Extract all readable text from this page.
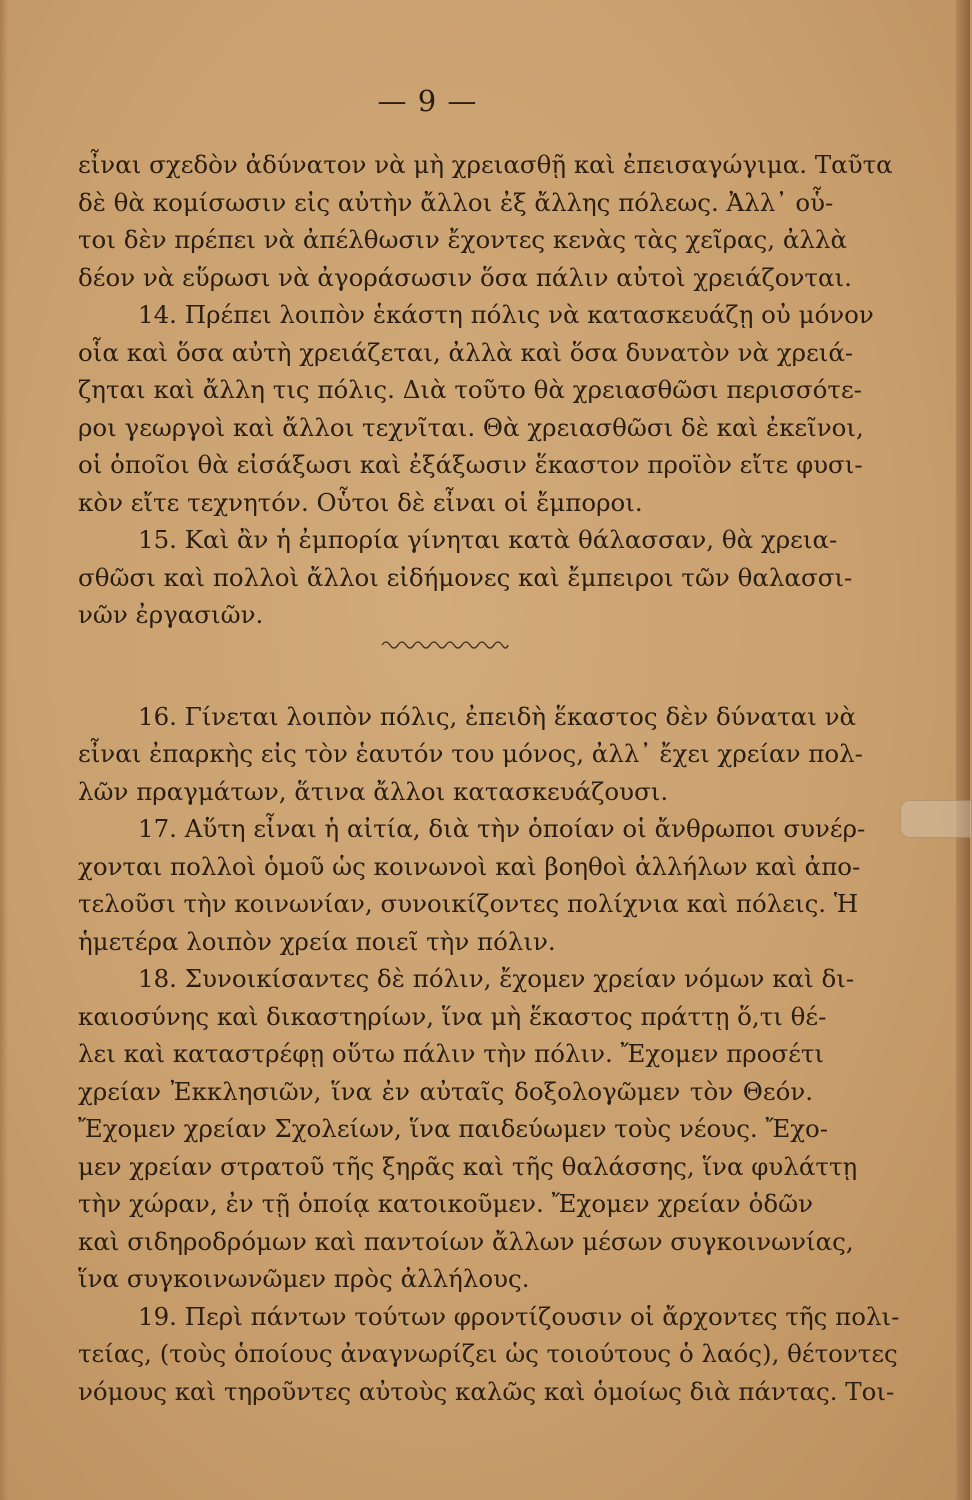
— 9 —
εἶναι σχεδὸν ἀδύνατον νὰ μὴ χρειασθῇ καὶ ἐπεισαγώγιμα. Ταῦτα
δὲ θὰ κομίσωσιν εἰς αὐτὴν ἄλλοι ἐξ ἄλλης πόλεως. Ἀλλ᾽ οὗ-
τοι δὲν πρέπει νὰ ἀπέλθωσιν ἔχοντες κενὰς τὰς χεῖρας, ἀλλὰ
δέον νὰ εὕρωσι νὰ ἀγοράσωσιν ὅσα πάλιν αὐτοὶ χρειάζονται.
14. Πρέπει λοιπὸν ἑκάστη πόλις νὰ κατασκευάζῃ οὐ μόνον
οἷα καὶ ὅσα αὐτὴ χρειάζεται, ἀλλὰ καὶ ὅσα δυνατὸν νὰ χρειά-
ζηται καὶ ἄλλη τις πόλις. Διὰ τοῦτο θὰ χρειασθῶσι περισσότε-
ροι γεωργοὶ καὶ ἄλλοι τεχνῖται. Θὰ χρειασθῶσι δὲ καὶ ἐκεῖνοι,
οἱ ὁποῖοι θὰ εἰσάξωσι καὶ ἐξάξωσιν ἕκαστον προϊὸν εἴτε φυσι-
κὸν εἴτε τεχνητόν. Οὗτοι δὲ εἶναι οἱ ἔμποροι.
15. Καὶ ἂν ἡ ἐμπορία γίνηται κατὰ θάλασσαν, θὰ χρεια-
σθῶσι καὶ πολλοὶ ἄλλοι εἰδήμονες καὶ ἔμπειροι τῶν θαλασσι-
νῶν ἐργασιῶν.
16. Γίνεται λοιπὸν πόλις, ἐπειδὴ ἕκαστος δὲν δύναται νὰ
εἶναι ἐπαρκὴς εἰς τὸν ἑαυτόν του μόνος, ἀλλ᾽ ἔχει χρείαν πολ-
λῶν πραγμάτων, ἅτινα ἄλλοι κατασκευάζουσι.
17. Αὕτη εἶναι ἡ αἰτία, διὰ τὴν ὁποίαν οἱ ἄνθρωποι συνέρ-
χονται πολλοὶ ὁμοῦ ὡς κοινωνοὶ καὶ βοηθοὶ ἀλλήλων καὶ ἀπο-
τελοῦσι τὴν κοινωνίαν, συνοικίζοντες πολίχνια καὶ πόλεις. Ἡ
ἡμετέρα λοιπὸν χρεία ποιεῖ τὴν πόλιν.
18. Συνοικίσαντες δὲ πόλιν, ἔχομεν χρείαν νόμων καὶ δι-
καιοσύνης καὶ δικαστηρίων, ἵνα μὴ ἕκαστος πράττῃ ὅ,τι θέ-
λει καὶ καταστρέφῃ οὕτω πάλιν τὴν πόλιν. Ἔχομεν προσέτι
χρείαν Ἐκκλησιῶν, ἵνα ἐν αὐταῖς δοξολογῶμεν τὸν Θεόν.
Ἔχομεν χρείαν Σχολείων, ἵνα παιδεύωμεν τοὺς νέους. Ἔχο-
μεν χρείαν στρατοῦ τῆς ξηρᾶς καὶ τῆς θαλάσσης, ἵνα φυλάττῃ
τὴν χώραν, ἐν τῇ ὁποίᾳ κατοικοῦμεν. Ἔχομεν χρείαν ὁδῶν
καὶ σιδηροδρόμων καὶ παντοίων ἄλλων μέσων συγκοινωνίας,
ἵνα συγκοινωνῶμεν πρὸς ἀλλήλους.
19. Περὶ πάντων τούτων φροντίζουσιν οἱ ἄρχοντες τῆς πολι-
τείας, (τοὺς ὁποίους ἀναγνωρίζει ὡς τοιούτους ὁ λαός), θέτοντες
νόμους καὶ τηροῦντες αὐτοὺς καλῶς καὶ ὁμοίως διὰ πάντας. Τοι-
